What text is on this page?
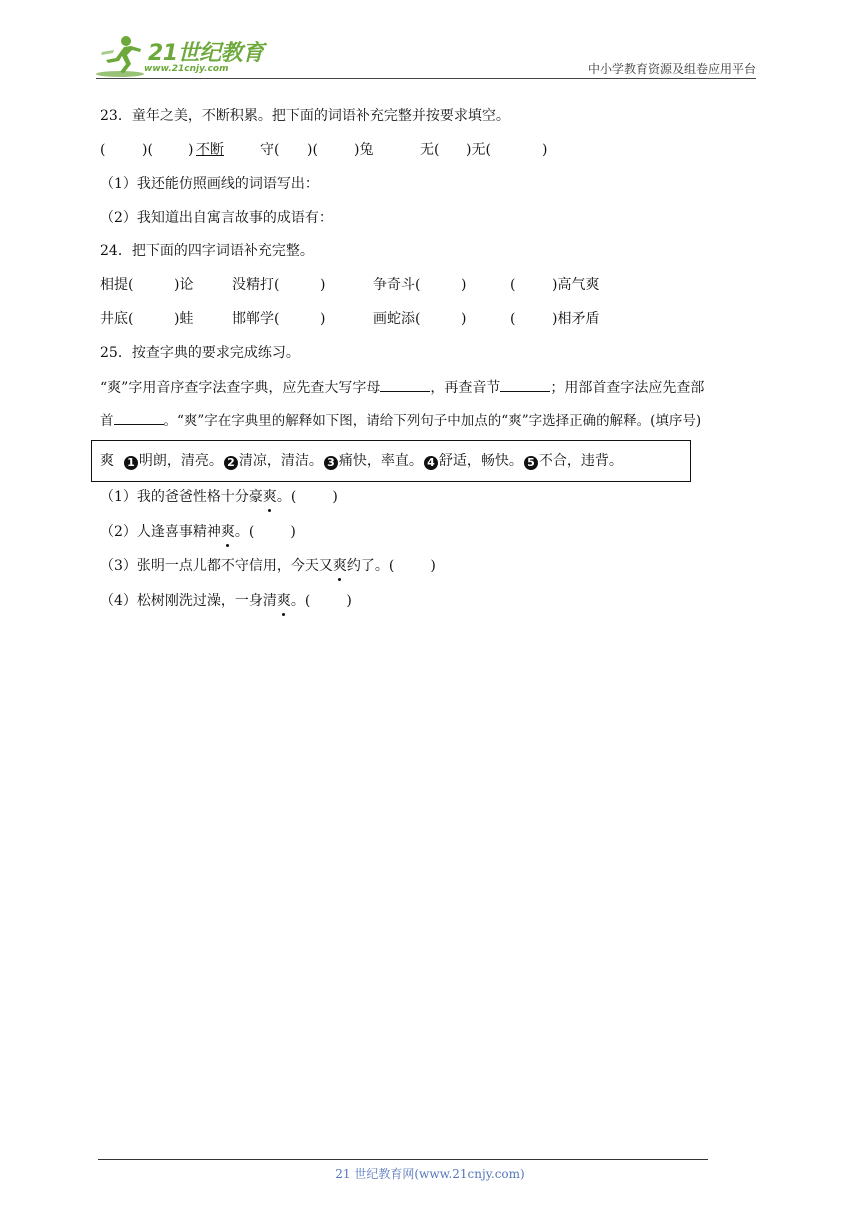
21世纪教育
www.21cnjy.com	中小学教育资源及组卷应用平台
23．童年之美，不断积累。把下面的词语补充完整并按要求填空。
(	)(	) 不断	守( )(	)兔	无( )无(	)
（1）我还能仿照画线的词语写出：
（2）我知道出自寓言故事的成语有：
24．把下面的四字词语补充完整。
相提(	)论	没精打(	)	争奇斗(	)	(	)高气爽
井底(	)蛙	邯郸学(	)	画蛇添(	)	(	)相矛盾
25．按查字典的要求完成练习。
“爽”字用音序查字法查字典，应先查大写字母	，再查音节	；用部首查字法应先查部
首	。“爽”字在字典里的解释如下图，请给下列句子中加点的“爽”字选择正确的解释。(填序号)
爽 1 明朗，清亮。 2 清凉，清洁。 3 痛快，率直。 4 舒适，畅快。 5 不合，违背。
（1）我的爸爸性格十分豪爽。(	)
（2）人逢喜事精神爽。(	)
（3）张明一点儿都不守信用，今天又爽约了。(	)
（4）松树刚洗过澡，一身清爽。(	)
21 世纪教育网(www.21cnjy.com)
